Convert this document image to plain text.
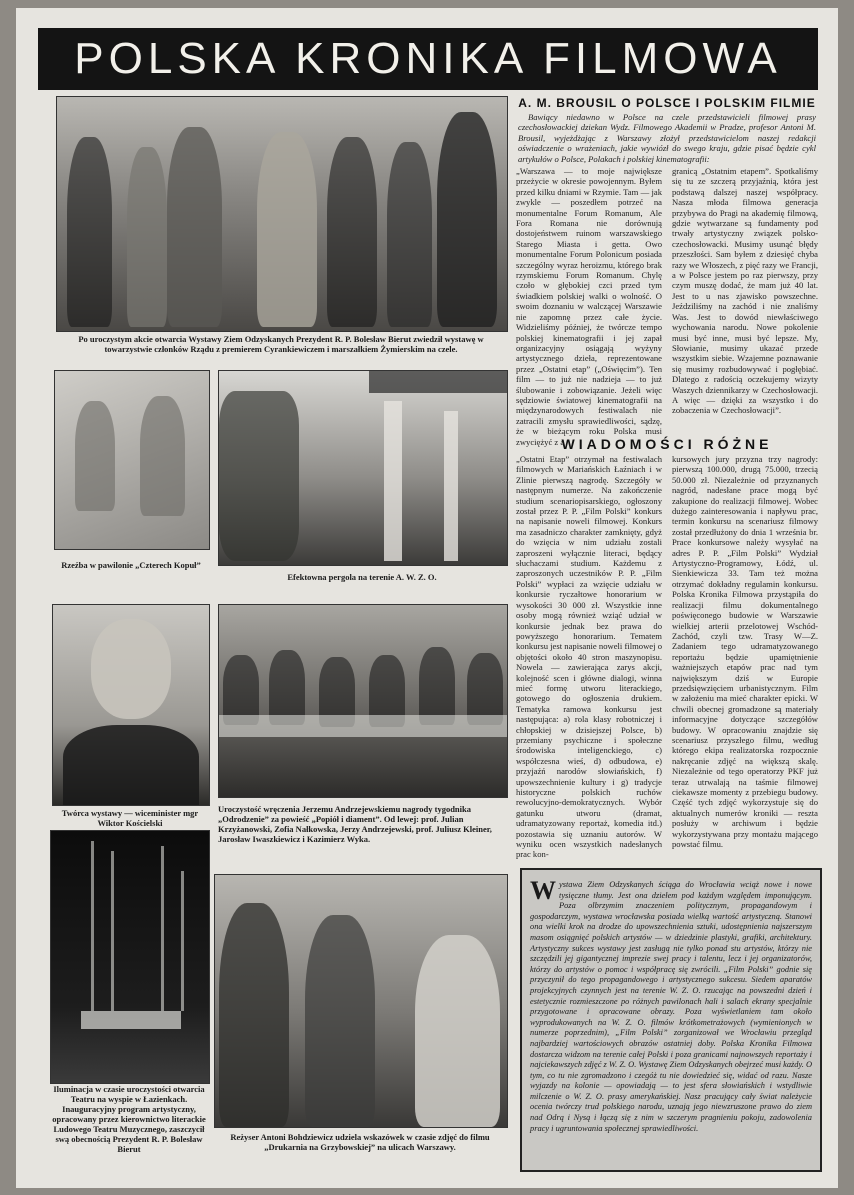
POLSKA KRONIKA FILMOWA
Po uroczystym akcie otwarcia Wystawy Ziem Odzyskanych Prezydent R. P. Bolesław Bierut zwiedził wystawę w towarzystwie członków Rządu z premierem Cyrankiewiczem i marszałkiem Żymierskim na czele.
A. M. BROUSIL O POLSCE I POLSKIM FILMIE
Bawiący niedawno w Polsce na czele przedstawicieli filmowej prasy czechosłowackiej dziekan Wydz. Filmowego Akademii w Pradze, profesor Antoni M. Brousil, wyjeżdżając z Warszawy złożył przedstawicielom naszej redakcji oświadczenie o wrażeniach, jakie wywiózł do swego kraju, gdzie pisać będzie cykl artykułów o Polsce, Polakach i polskiej kinematografii:
„Warszawa — to moje największe przeżycie w okresie powojennym. Byłem przed kilku dniami w Rzymie. Tam — jak zwykle — poszedłem potrzeć na monumentalne Forum Romanum, Ale Fora Romana nie dorównują dostojeństwem ruinom warszawskiego Starego Miasta i getta. Owo monumentalne Forum Polonicum posiada szczególny wyraz heroizmu, którego brak rzymskiemu Forum Romanum. Chylę czoło w głębokiej czci przed tym świadkiem polskiej walki o wolność. O swoim doznaniu w walczącej Warszawie nie zapomnę przez całe życie. Widzieliśmy później, że twórcze tempo polskiej kinematografii i jej zapał organizacyjny osiągają wyżyny artystycznego dzieła, reprezentowane przez „Ostatni etap” („Oświęcim”). Ten film — to już nie nadzieja — to już ślubowanie i zobowiązanie. Jeżeli więc sędziowie światowej kinematografii na międzynarodowych festiwalach nie zatracili zmysłu sprawiedliwości, sądzę, że w bieżącym roku Polska musi zwyciężyć z a
granicą „Ostatnim etapem”. Spotkaliśmy się tu ze szczerą przyjaźnią, która jest podstawą dalszej naszej współpracy. Nasza młoda filmowa generacja przybywa do Pragi na akademię filmową, gdzie wytwarzane są fundamenty pod trwały artystyczny związek polsko-czechosłowacki. Musimy usunąć błędy przeszłości. Sam byłem z dziesięć chyba razy we Włoszech, z pięć razy we Francji, a w Polsce jestem po raz pierwszy, przy czym muszę dodać, że mam już 40 lat. Jest to u nas zjawisko powszechne. Jeździliśmy na zachód i nie znaliśmy Was. Jest to dowód niewłaściwego wychowania narodu. Nowe pokolenie musi być inne, musi być lepsze. My, Słowianie, musimy ukazać przede wszystkim siebie. Wzajemne poznawanie się musimy rozbudowywać i pogłębiać. Dlatego z radością oczekujemy wizyty Waszych dziennikarzy w Czechosłowacji. A więc — dzięki za wszystko i do zobaczenia w Czechosłowacji”.
Rzeźba w pawilonie „Czterech Kopuł”
Efektowna pergola na terenie A. W. Z. O.
WIADOMOŚCI RÓŻNE
„Ostatni Etap” otrzymał na festiwalach filmowych w Mariańskich Łaźniach i w Zlinie pierwszą nagrodę. Szczegóły w następnym numerze. Na zakończenie studium scenariopisarskiego, ogłoszony został przez P. P. „Film Polski” konkurs na napisanie noweli filmowej. Konkurs ma zasadniczo charakter zamknięty, gdyż do wzięcia w nim udziału zostali zaproszeni wyłącznie literaci, będący słuchaczami studium. Każdemu z zaproszonych uczestników P. P. „Film Polski” wypłaci za wzięcie udziału w konkursie ryczałtowe honorarium w wysokości 30 000 zł. Wszystkie inne osoby mogą również wziąć udział w konkursie jednak bez prawa do powyższego honorarium. Tematem konkursu jest napisanie noweli filmowej o objętości około 40 stron maszynopisu. Nowela — zawierająca zarys akcji, kolejność scen i główne dialogi, winna mieć formę utworu literackiego, gotowego do ogłoszenia drukiem. Tematyka ramowa konkursu jest następująca: a) rola klasy robotniczej i chłopskiej w dzisiejszej Polsce, b) przemiany psychiczne i społeczne środowiska inteligenckiego, c) współczesna wieś, d) odbudowa, e) przyjaźń narodów słowiańskich, f) upowszechnienie kultury i g) tradycje historyczne polskich ruchów rewolucyjno-demokratycznych. Wybór gatunku utworu (dramat, udramatyzowany reportaż, komedia itd.) pozostawia się uznaniu autorów. W wyniku ocen wszystkich nadesłanych prac kon-
kursowych jury przyzna trzy nagrody: pierwszą 100.000, drugą 75.000, trzecią 50.000 zł. Niezależnie od przyznanych nagród, nadesłane prace mogą być zakupione do realizacji filmowej. Wobec dużego zainteresowania i napływu prac, termin konkursu na scenariusz filmowy został przedłużony do dnia 1 września br. Prace konkursowe należy wysyłać na adres P. P. „Film Polski” Wydział Artystyczno-Programowy, Łódź, ul. Sienkiewicza 33. Tam też można otrzymać dokładny regulamin konkursu. Polska Kronika Filmowa przystąpiła do realizacji filmu dokumentalnego poświęconego budowie w Warszawie wielkiej arterii przelotowej Wschód-Zachód, czyli tzw. Trasy W—Z. Zadaniem tego udramatyzowanego reportażu będzie upamiętnienie ważniejszych etapów prac nad tym największym dziś w Europie przedsięwzięciem urbanistycznym. Film w założeniu ma mieć charakter epicki. W chwili obecnej gromadzone są materiały informacyjne dotyczące szczegółów budowy. W opracowaniu znajdzie się scenariusz przyszłego filmu, według którego ekipa realizatorska rozpocznie nakręcanie zdjęć na większą skalę. Niezależnie od tego operatorzy PKF już teraz utrwalają na taśmie filmowej ciekawsze momenty z przebiegu budowy. Część tych zdjęć wykorzystuje się do aktualnych numerów kroniki — reszta posłuży w archiwum i będzie wykorzystywana przy montażu mającego powstać filmu.
Twórca wystawy — wiceminister mgr Wiktor Kościelski
Uroczystość wręczenia Jerzemu Andrzejewskiemu nagrody tygodnika „Odrodzenie” za powieść „Popiół i diament”. Od lewej: prof. Julian Krzyżanowski, Zofia Nałkowska, Jerzy Andrzejewski, prof. Juliusz Kleiner, Jarosław Iwaszkiewicz i Kazimierz Wyka.
Iluminacja w czasie uroczystości otwarcia Teatru na wyspie w Łazienkach. Inauguracyjny program artystyczny, opracowany przez kierownictwo literackie Ludowego Teatru Muzycznego, zaszczycił swą obecnością Prezydent R. P. Bolesław Bierut
Reżyser Antoni Bohdziewicz udziela wskazówek w czasie zdjęć do filmu „Drukarnia na Grzybowskiej” na ulicach Warszawy.
Wystawa Ziem Odzyskanych ściąga do Wrocławia wciąż nowe i nowe tysięczne tłumy. Jest ona dziełem pod każdym względem imponującym. Poza olbrzymim znaczeniem politycznym, propagandowym i gospodarczym, wystawa wrocławska posiada wielką wartość artystyczną. Stanowi ona wielki krok na drodze do upowszechnienia sztuki, udostępnienia najszerszym masom osiągnięć polskich artystów — w dziedzinie plastyki, grafiki, architektury. Artystyczny sukces wystawy jest zasługą nie tylko ponad stu artystów, którzy nie szczędzili jej gigantycznej imprezie swej pracy i talentu, lecz i jej organizatorów, którzy do artystów o pomoc i współpracę się zwrócili. „Film Polski” godnie się przyczynił do tego propagandowego i artystycznego sukcesu. Siedem aparatów projekcyjnych czynnych jest na terenie W. Z. O. rzucając na powszedni dzień i estetycznie rozmieszczone po różnych pawilonach hali i salach ekrany specjalnie przygotowane i opracowane obrazy. Poza wyświetlaniem tam około wyprodukowanych na W. Z. O. filmów krótkometrażowych (wymienionych w numerze poprzednim), „Film Polski” zorganizował we Wrocławiu przegląd najbardziej wartościowych obrazów ostatniej doby. Polska Kronika Filmowa dostarcza widzom na terenie całej Polski i poza granicami najnowszych reportaży i najciekawszych zdjęć z W. Z. O. Wystawę Ziem Odzyskanych obejrzeć musi każdy. O tym, co tu nie zgromadzono i czegóż tu nie dowiedzieć się, widać od razu. Nasze wyjazdy na kolonie — opowiadają — to jest sfera słowiańskich i wstydliwie milczenie o W. Z. O. prasy amerykańskiej. Nasz pracujący cały świat należycie ocenia twórczy trud polskiego narodu, uznają jego niewzruszone prawo do ziem nad Odrą i Nysą i łączą się z nim w szczerym pragnieniu pokoju, zadowolenia pracy i ugruntowania społecznej sprawiedliwości.
